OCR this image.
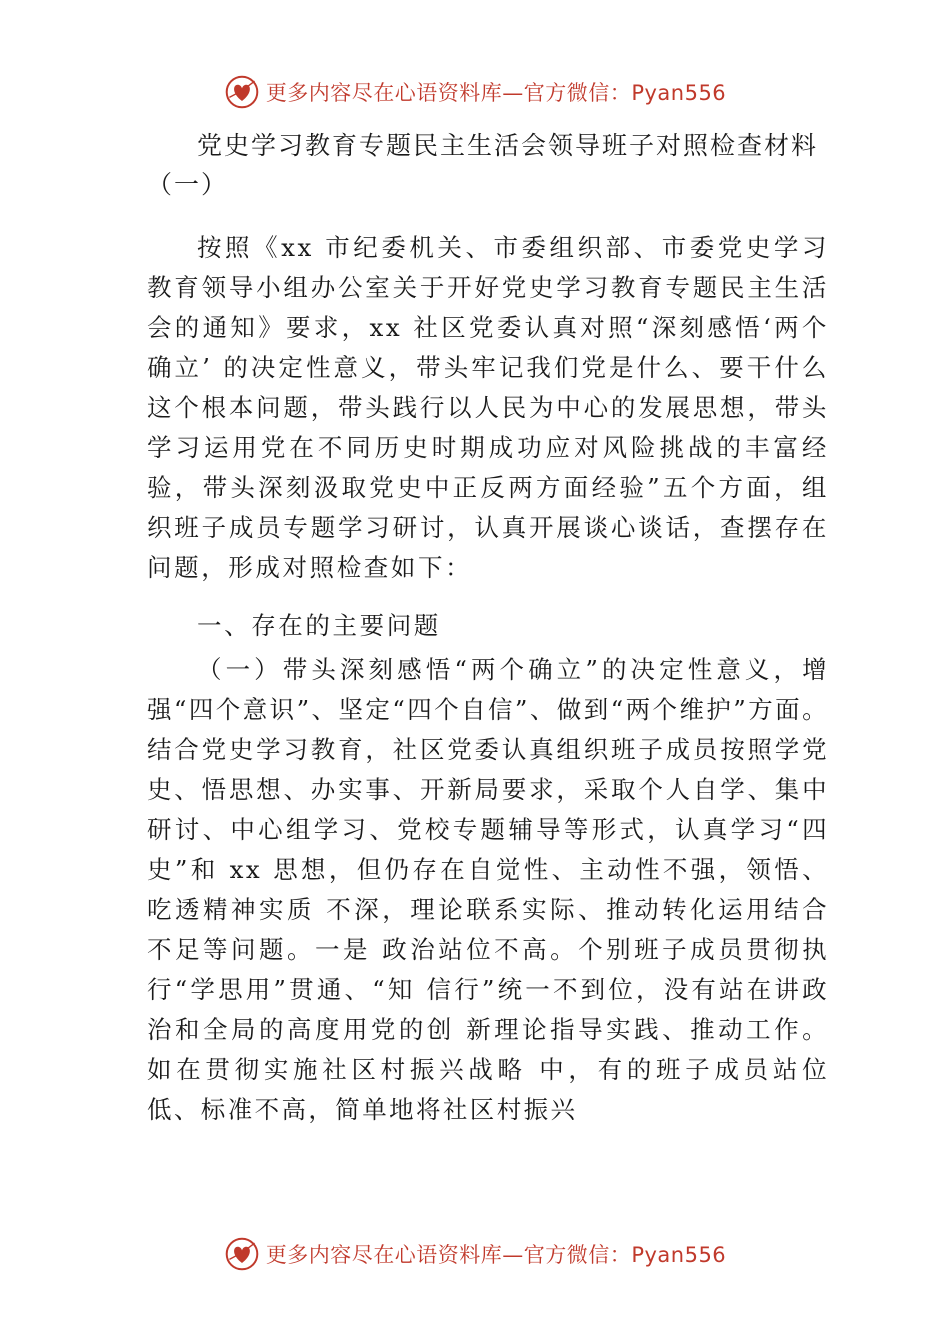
更多内容尽在心语资料库—官方微信：Pyan556
党史学习教育专题民主生活会领导班子对照检查材料
（一）

按照《xx 市纪委机关、市委组织部、市委党史学习教育领导小组办公室关于开好党史学习教育专题民主生活会的通知》要求，xx 社区党委认真对照“深刻感悟‘两个确立’ 的决定性意义，带头牢记我们党是什么、要干什么这个根本问题，带头践行以人民为中心的发展思想，带头学习运用党在不同历史时期成功应对风险挑战的丰富经验，带头深刻汲取党史中正反两方面经验”五个方面，组织班子成员专题学习研讨，认真开展谈心谈话，查摆存在问题，形成对照检查如下：

一、存在的主要问题

（一）带头深刻感悟“两个确立”的决定性意义，增强“四个意识”、坚定“四个自信”、做到“两个维护”方面。结合党史学习教育，社区党委认真组织班子成员按照学党史、悟思想、办实事、开新局要求，采取个人自学、集中研讨、中心组学习、党校专题辅导等形式，认真学习“四史”和 xx 思想，但仍存在自觉性、主动性不强，领悟、吃透精神实质 不深，理论联系实际、推动转化运用结合不足等问题。一是 政治站位不高。个别班子成员贯彻执行“学思用”贯通、“知 信行”统一不到位，没有站在讲政治和全局的高度用党的创 新理论指导实践、推动工作。如在贯彻实施社区村振兴战略 中，有的班子成员站位低、标准不高，简单地将社区村振兴

更多内容尽在心语资料库—官方微信：Pyan556
